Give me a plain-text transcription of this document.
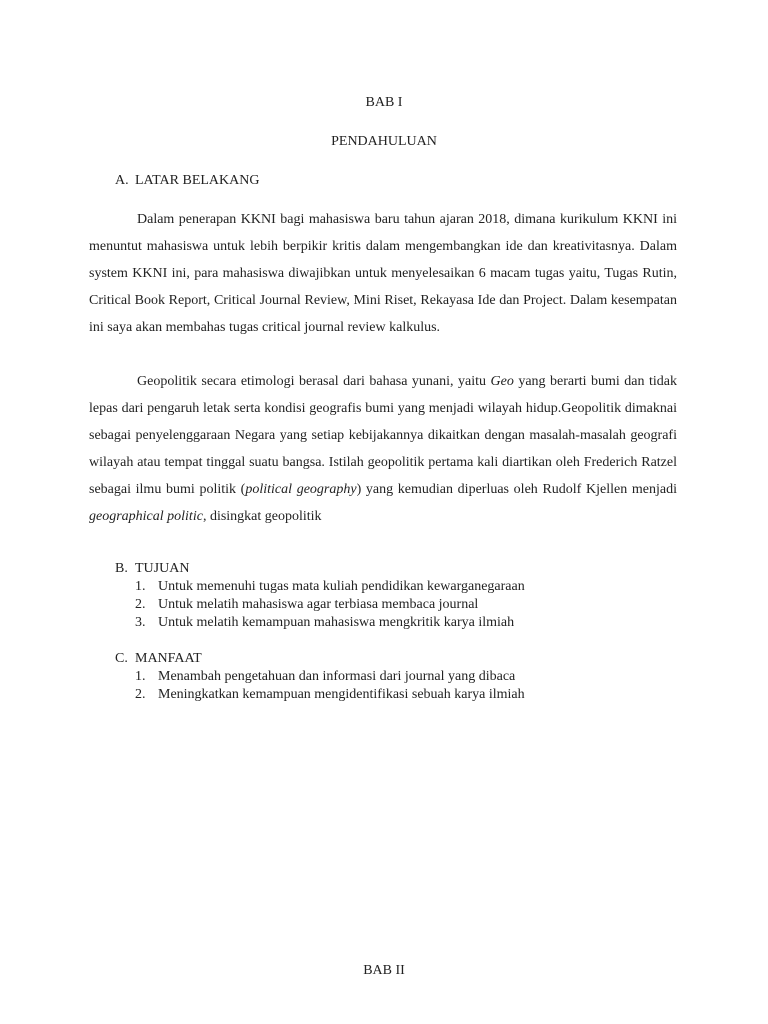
BAB I
PENDAHULUAN
A. LATAR BELAKANG

Dalam penerapan KKNI bagi mahasiswa baru tahun ajaran 2018, dimana kurikulum KKNI ini menuntut mahasiswa untuk lebih berpikir kritis dalam mengembangkan ide dan kreativitasnya. Dalam system KKNI ini, para mahasiswa diwajibkan untuk menyelesaikan 6 macam tugas yaitu, Tugas Rutin, Critical Book Report, Critical Journal Review, Mini Riset, Rekayasa Ide dan Project. Dalam kesempatan ini saya akan membahas tugas critical journal review kalkulus.

Geopolitik secara etimologi berasal dari bahasa yunani, yaitu Geo yang berarti bumi dan tidak lepas dari pengaruh letak serta kondisi geografis bumi yang menjadi wilayah hidup.Geopolitik dimaknai sebagai penyelenggaraan Negara yang setiap kebijakannya dikaitkan dengan masalah-masalah geografi wilayah atau tempat tinggal suatu bangsa. Istilah geopolitik pertama kali diartikan oleh Frederich Ratzel sebagai ilmu bumi politik (political geography) yang kemudian diperluas oleh Rudolf Kjellen menjadi geographical politic, disingkat geopolitik

B. TUJUAN
1. Untuk memenuhi tugas mata kuliah pendidikan kewarganegaraan
2. Untuk melatih mahasiswa agar terbiasa membaca journal
3. Untuk melatih kemampuan mahasiswa mengkritik karya ilmiah
C. MANFAAT
1. Menambah pengetahuan dan informasi dari journal yang dibaca
2. Meningkatkan kemampuan mengidentifikasi sebuah karya ilmiah
BAB II
